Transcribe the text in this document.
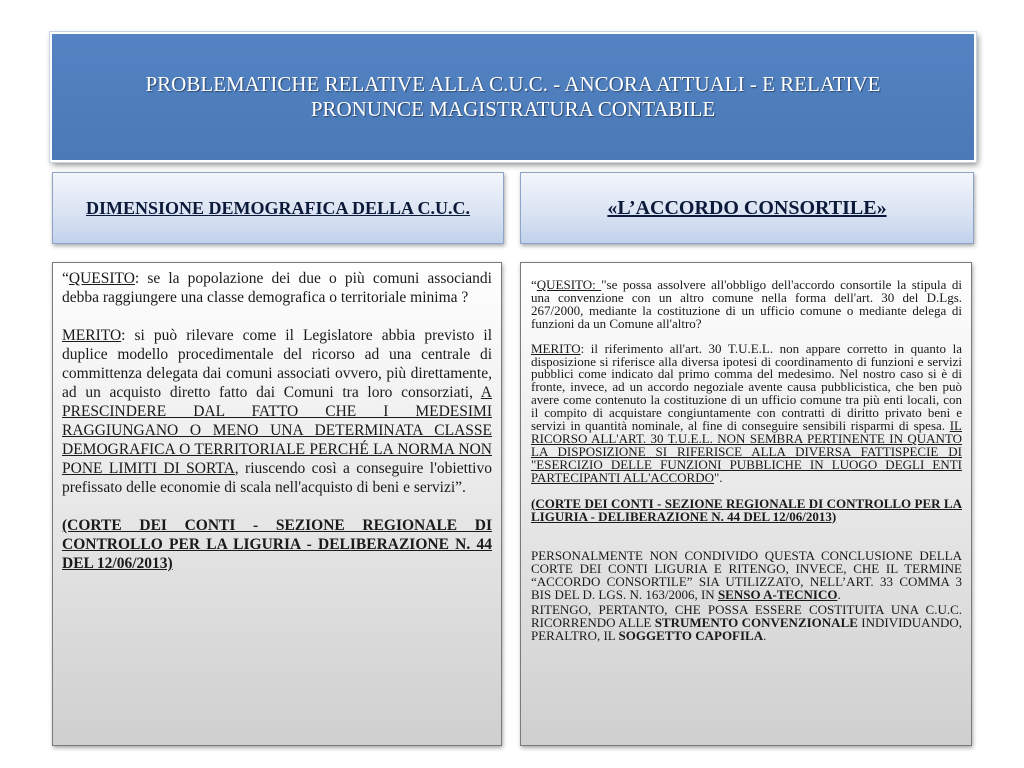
PROBLEMATICHE RELATIVE ALLA C.U.C. - ANCORA ATTUALI - E RELATIVE
PRONUNCE MAGISTRATURA CONTABILE
DIMENSIONE DEMOGRAFICA DELLA C.U.C.	«L’ACCORDO CONSORTILE»

“QUESITO: se la popolazione dei due o più comuni associandi debba raggiungere una classe demografica o territoriale minima ?

MERITO: si può rilevare come il Legislatore abbia previsto il duplice modello procedimentale del ricorso ad una centrale di committenza delegata dai comuni associati ovvero, più direttamente, ad un acquisto diretto fatto dai Comuni tra loro consorziati, A PRESCINDERE DAL FATTO CHE I MEDESIMI RAGGIUNGANO O MENO UNA DETERMINATA CLASSE DEMOGRAFICA O TERRITORIALE PERCHÉ LA NORMA NON PONE LIMITI DI SORTA, riuscendo così a conseguire l'obiettivo prefissato delle economie di scala nell'acquisto di beni e servizi”.

(CORTE DEI CONTI - SEZIONE REGIONALE DI CONTROLLO PER LA LIGURIA - DELIBERAZIONE N. 44 DEL 12/06/2013)

“QUESITO: "se possa assolvere all'obbligo dell'accordo consortile la stipula di una convenzione con un altro comune nella forma dell'art. 30 del D.Lgs. 267/2000, mediante la costituzione di un ufficio comune o mediante delega di funzioni da un Comune all'altro?

MERITO: il riferimento all'art. 30 T.U.E.L. non appare corretto in quanto la disposizione si riferisce alla diversa ipotesi di coordinamento di funzioni e servizi pubblici come indicato dal primo comma del medesimo. Nel nostro caso si è di fronte, invece, ad un accordo negoziale avente causa pubblicistica, che ben può avere come contenuto la costituzione di un ufficio comune tra più enti locali, con il compito di acquistare congiuntamente con contratti di diritto privato beni e servizi in quantità nominale, al fine di conseguire sensibili risparmi di spesa. IL RICORSO ALL'ART. 30 T.U.E.L. NON SEMBRA PERTINENTE IN QUANTO LA DISPOSIZIONE SI RIFERISCE ALLA DIVERSA FATTISPECIE DI "ESERCIZIO DELLE FUNZIONI PUBBLICHE IN LUOGO DEGLI ENTI PARTECIPANTI ALL'ACCORDO".

(CORTE DEI CONTI - SEZIONE REGIONALE DI CONTROLLO PER LA LIGURIA - DELIBERAZIONE N. 44 DEL 12/06/2013)

PERSONALMENTE NON CONDIVIDO QUESTA CONCLUSIONE DELLA CORTE DEI CONTI LIGURIA E RITENGO, INVECE, CHE IL TERMINE “ACCORDO CONSORTILE” SIA UTILIZZATO, NELL’ART. 33 COMMA 3 BIS DEL D. LGS. N. 163/2006, IN SENSO A-TECNICO.

RITENGO, PERTANTO, CHE POSSA ESSERE COSTITUITA UNA C.U.C. RICORRENDO ALLE STRUMENTO CONVENZIONALE INDIVIDUANDO, PERALTRO, IL SOGGETTO CAPOFILA.
